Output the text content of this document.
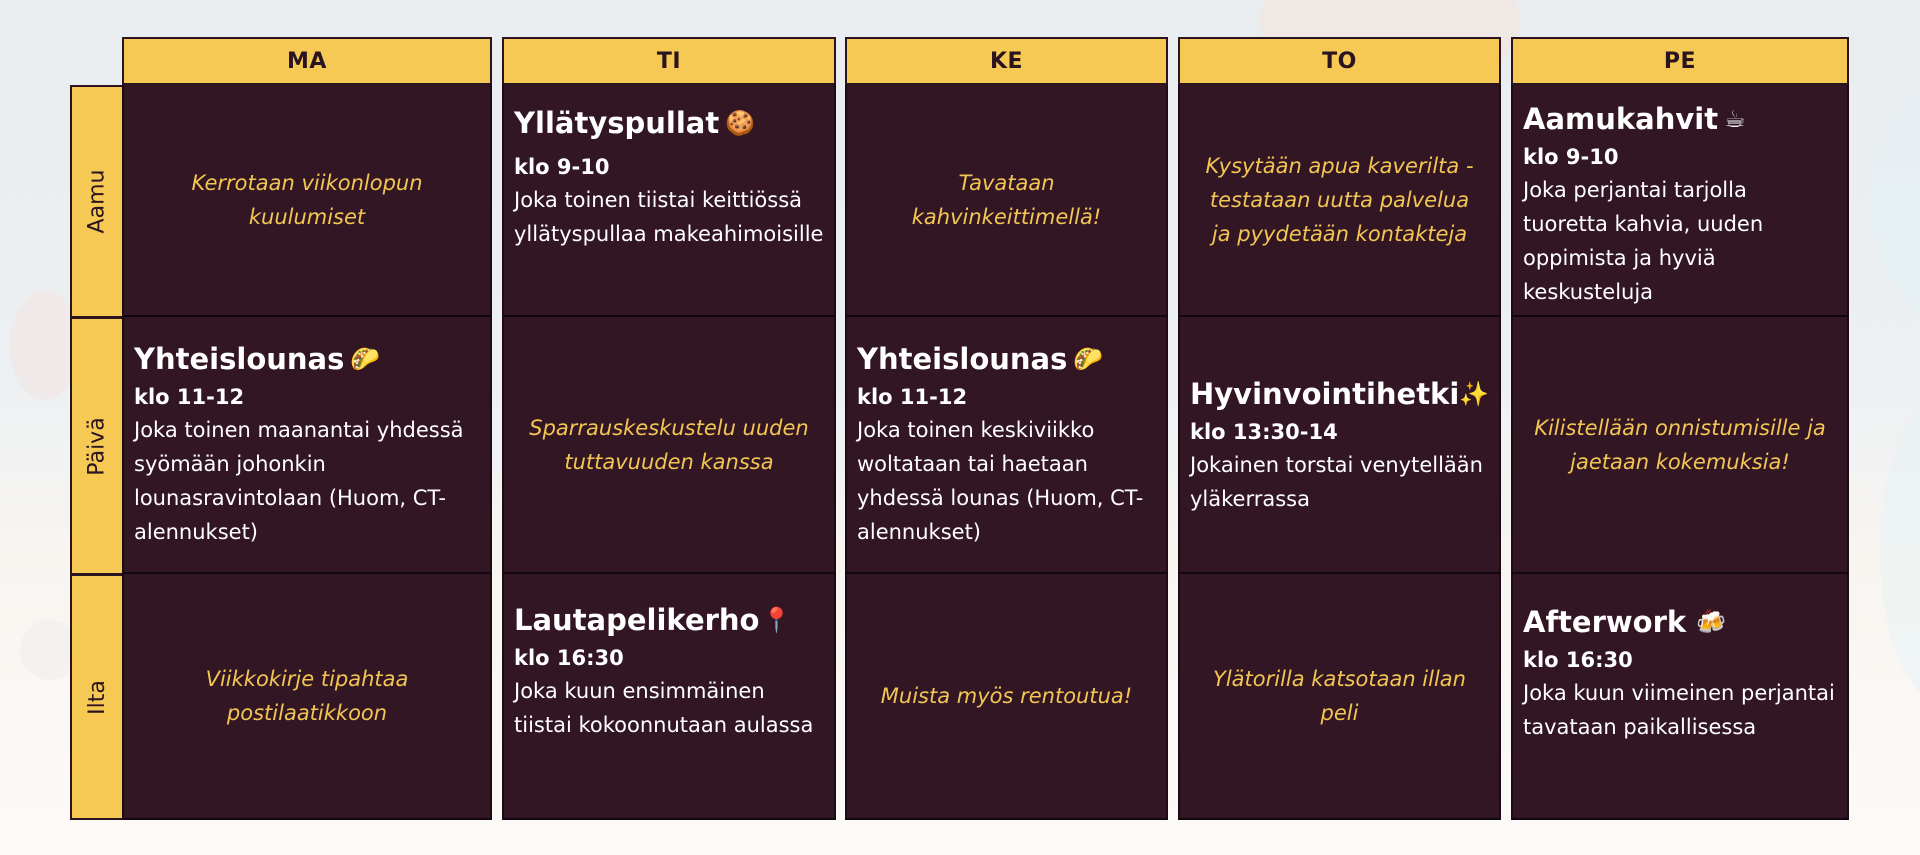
Aamu
Päivä
Ilta
MA
Kerrotaan viikonlopun kuulumiset
Yhteislounas 🌮
klo 11-12
Joka toinen maanantai yhdessä syömään johonkin lounasravintolaan (Huom, CT-alennukset)
Viikkokirje tipahtaa postilaatikkoon
TI
Yllätyspullat 🍪
klo 9-10
Joka toinen tiistai keittiössä yllätyspullaa makeahimoisille
Sparrauskeskustelu uuden tuttavuuden kanssa
Lautapelikerho 📍
klo 16:30
Joka kuun ensimmäinen tiistai kokoonnutaan aulassa
KE
Tavataan kahvinkeittimellä!
Yhteislounas 🌮
klo 11-12
Joka toinen keskiviikko woltataan tai haetaan yhdessä lounas (Huom, CT-alennukset)
Muista myös rentoutua!
TO
Kysytään apua kaverilta - testataan uutta palvelua ja pyydetään kontakteja
Hyvinvointihetki ✨
klo 13:30-14
Jokainen torstai venytellään yläkerrassa
Ylätorilla katsotaan illan peli
PE
Aamukahvit ☕
klo 9-10
Joka perjantai tarjolla tuoretta kahvia, uuden oppimista ja hyviä keskusteluja
Kilistellään onnistumisille ja jaetaan kokemuksia!
Afterwork 🍻
klo 16:30
Joka kuun viimeinen perjantai tavataan paikallisessa
